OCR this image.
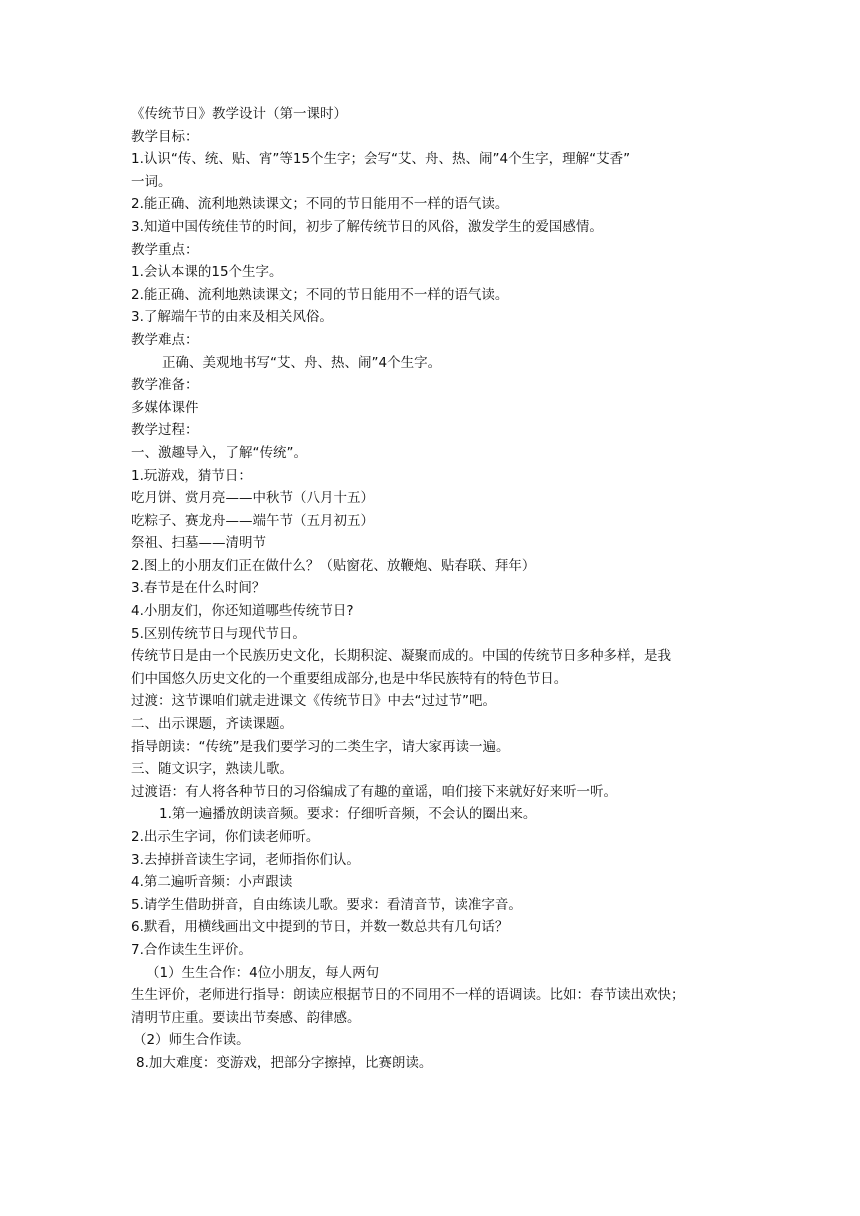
《传统节日》教学设计（第一课时）

教学目标：

1.认识“传、统、贴、宵”等15个生字；会写“艾、舟、热、闹”4个生字，理解“艾香”

一词。

2.能正确、流利地熟读课文；不同的节日能用不一样的语气读。

3.知道中国传统佳节的时间，初步了解传统节日的风俗，激发学生的爱国感情。

教学重点：

1.会认本课的15个生字。

2.能正确、流利地熟读课文；不同的节日能用不一样的语气读。

3.了解端午节的由来及相关风俗。

教学难点：

正确、美观地书写“艾、舟、热、闹”4个生字。

教学准备：

多媒体课件

教学过程：

一、激趣导入，了解“传统”。

1.玩游戏，猜节日：

吃月饼、赏月亮——中秋节（八月十五）

吃粽子、赛龙舟——端午节（五月初五）

祭祖、扫墓——清明节

2.图上的小朋友们正在做什么？（贴窗花、放鞭炮、贴春联、拜年）

3.春节是在什么时间？

4.小朋友们，你还知道哪些传统节日?

5.区别传统节日与现代节日。

传统节日是由一个民族历史文化，长期积淀、凝聚而成的。中国的传统节日多种多样，是我

们中国悠久历史文化的一个重要组成部分,也是中华民族特有的特色节日。

过渡：这节课咱们就走进课文《传统节日》中去“过过节”吧。

二、出示课题，齐读课题。

指导朗读：“传统”是我们要学习的二类生字，请大家再读一遍。

三、随文识字，熟读儿歌。

过渡语：有人将各种节日的习俗编成了有趣的童谣，咱们接下来就好好来听一听。

1.第一遍播放朗读音频。要求：仔细听音频，不会认的圈出来。

2.出示生字词，你们读老师听。

3.去掉拼音读生字词，老师指你们认。

4.第二遍听音频：小声跟读

5.请学生借助拼音，自由练读儿歌。要求：看清音节，读准字音。

6.默看，用横线画出文中提到的节日，并数一数总共有几句话？

7.合作读生生评价。

（1）生生合作：4位小朋友，每人两句

生生评价，老师进行指导：朗读应根据节日的不同用不一样的语调读。比如：春节读出欢快；

清明节庄重。要读出节奏感、韵律感。

（2）师生合作读。

8.加大难度：变游戏，把部分字擦掉，比赛朗读。
